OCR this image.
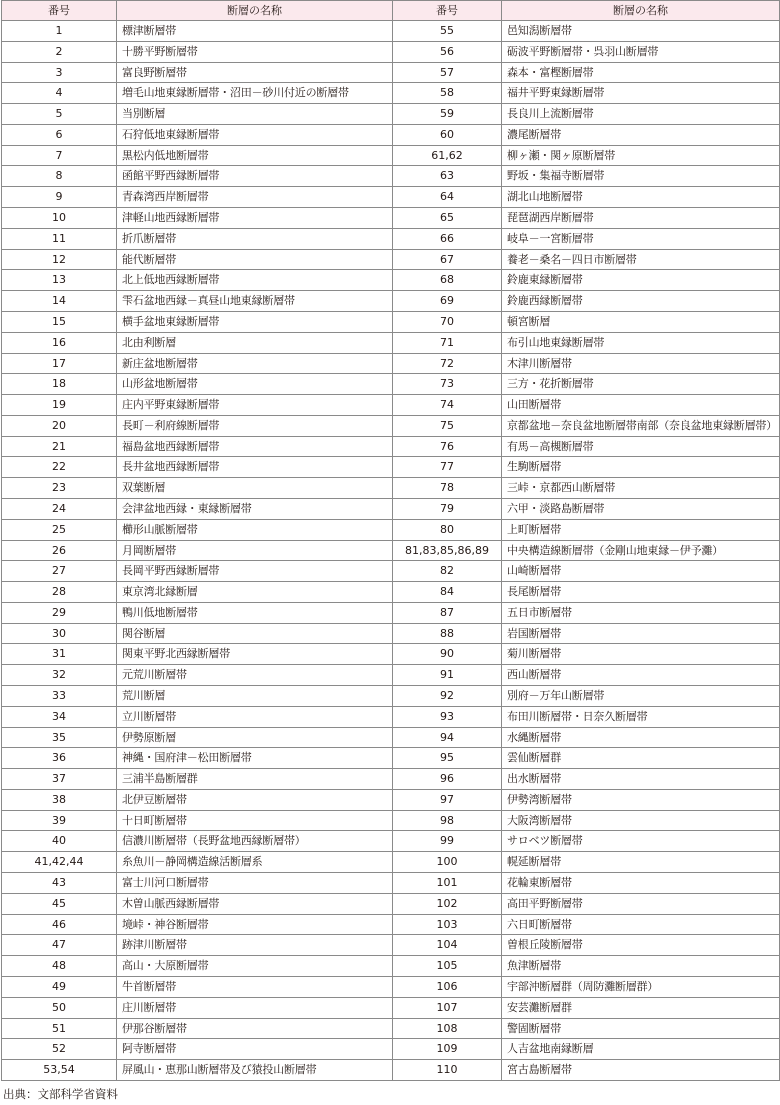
番号	断層の名称	番号	断層の名称
1	標津断層帯	55	邑知潟断層帯
2	十勝平野断層帯	56	砺波平野断層帯・呉羽山断層帯
3	富良野断層帯	57	森本・富樫断層帯
4	増毛山地東縁断層帯・沼田－砂川付近の断層帯	58	福井平野東縁断層帯
5	当別断層	59	長良川上流断層帯
6	石狩低地東縁断層帯	60	濃尾断層帯
7	黒松内低地断層帯	61,62	柳ヶ瀬・関ヶ原断層帯
8	函館平野西縁断層帯	63	野坂・集福寺断層帯
9	青森湾西岸断層帯	64	湖北山地断層帯
10	津軽山地西縁断層帯	65	琵琶湖西岸断層帯
11	折爪断層帯	66	岐阜－一宮断層帯
12	能代断層帯	67	養老－桑名－四日市断層帯
13	北上低地西縁断層帯	68	鈴鹿東縁断層帯
14	雫石盆地西縁－真昼山地東縁断層帯	69	鈴鹿西縁断層帯
15	横手盆地東縁断層帯	70	頓宮断層
16	北由利断層	71	布引山地東縁断層帯
17	新庄盆地断層帯	72	木津川断層帯
18	山形盆地断層帯	73	三方・花折断層帯
19	庄内平野東縁断層帯	74	山田断層帯
20	長町－利府線断層帯	75	京都盆地－奈良盆地断層帯南部（奈良盆地東縁断層帯）
21	福島盆地西縁断層帯	76	有馬－高槻断層帯
22	長井盆地西縁断層帯	77	生駒断層帯
23	双葉断層	78	三峠・京都西山断層帯
24	会津盆地西縁・東縁断層帯	79	六甲・淡路島断層帯
25	櫛形山脈断層帯	80	上町断層帯
26	月岡断層帯	81,83,85,86,89	中央構造線断層帯（金剛山地東縁－伊予灘）
27	長岡平野西縁断層帯	82	山崎断層帯
28	東京湾北縁断層	84	長尾断層帯
29	鴨川低地断層帯	87	五日市断層帯
30	関谷断層	88	岩国断層帯
31	関東平野北西縁断層帯	90	菊川断層帯
32	元荒川断層帯	91	西山断層帯
33	荒川断層	92	別府－万年山断層帯
34	立川断層帯	93	布田川断層帯・日奈久断層帯
35	伊勢原断層	94	水縄断層帯
36	神縄・国府津－松田断層帯	95	雲仙断層群
37	三浦半島断層群	96	出水断層帯
38	北伊豆断層帯	97	伊勢湾断層帯
39	十日町断層帯	98	大阪湾断層帯
40	信濃川断層帯（長野盆地西縁断層帯）	99	サロベツ断層帯
41,42,44	糸魚川－静岡構造線活断層系	100	幌延断層帯
43	富士川河口断層帯	101	花輪東断層帯
45	木曽山脈西縁断層帯	102	高田平野断層帯
46	境峠・神谷断層帯	103	六日町断層帯
47	跡津川断層帯	104	曽根丘陵断層帯
48	高山・大原断層帯	105	魚津断層帯
49	牛首断層帯	106	宇部沖断層群（周防灘断層群）
50	庄川断層帯	107	安芸灘断層群
51	伊那谷断層帯	108	警固断層帯
52	阿寺断層帯	109	人吉盆地南縁断層
53,54	屏風山・恵那山断層帯及び猿投山断層帯	110	宮古島断層帯
出典：文部科学省資料
